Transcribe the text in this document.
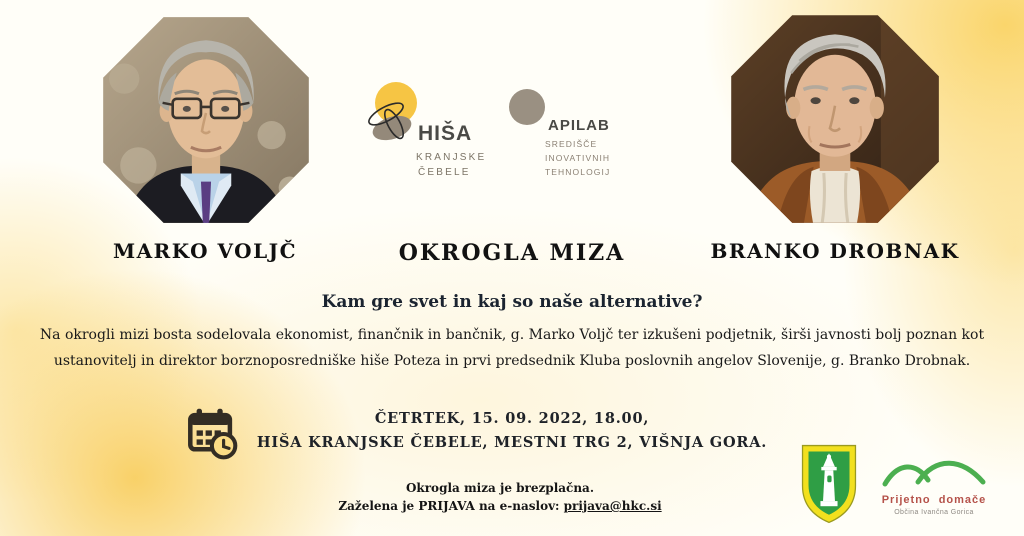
HIŠA
KRANJSKE
ČEBELE
APILAB
SREDIŠČE
INOVATIVNIH
TEHNOLOGIJ
MARKO VOLJČ	OKROGLA MIZA	BRANKO DROBNAK
Kam gre svet in kaj so naše alternative?
Na okrogli mizi bosta sodelovala ekonomist, finančnik in bančnik, g. Marko Voljč ter izkušeni podjetnik, širši javnosti bolj poznan kot
ustanovitelj in direktor borznoposredniške hiše Poteza in prvi predsednik Kluba poslovnih angelov Slovenije, g. Branko Drobnak.
ČETRTEK, 15. 09. 2022, 18.00,
HIŠA KRANJSKE ČEBELE, MESTNI TRG 2, VIŠNJA GORA.
Okrogla miza je brezplačna.
Zaželena je PRIJAVA na e-naslov: prijava@hkc.si	Prijetno domače
Občina Ivančna Gorica
